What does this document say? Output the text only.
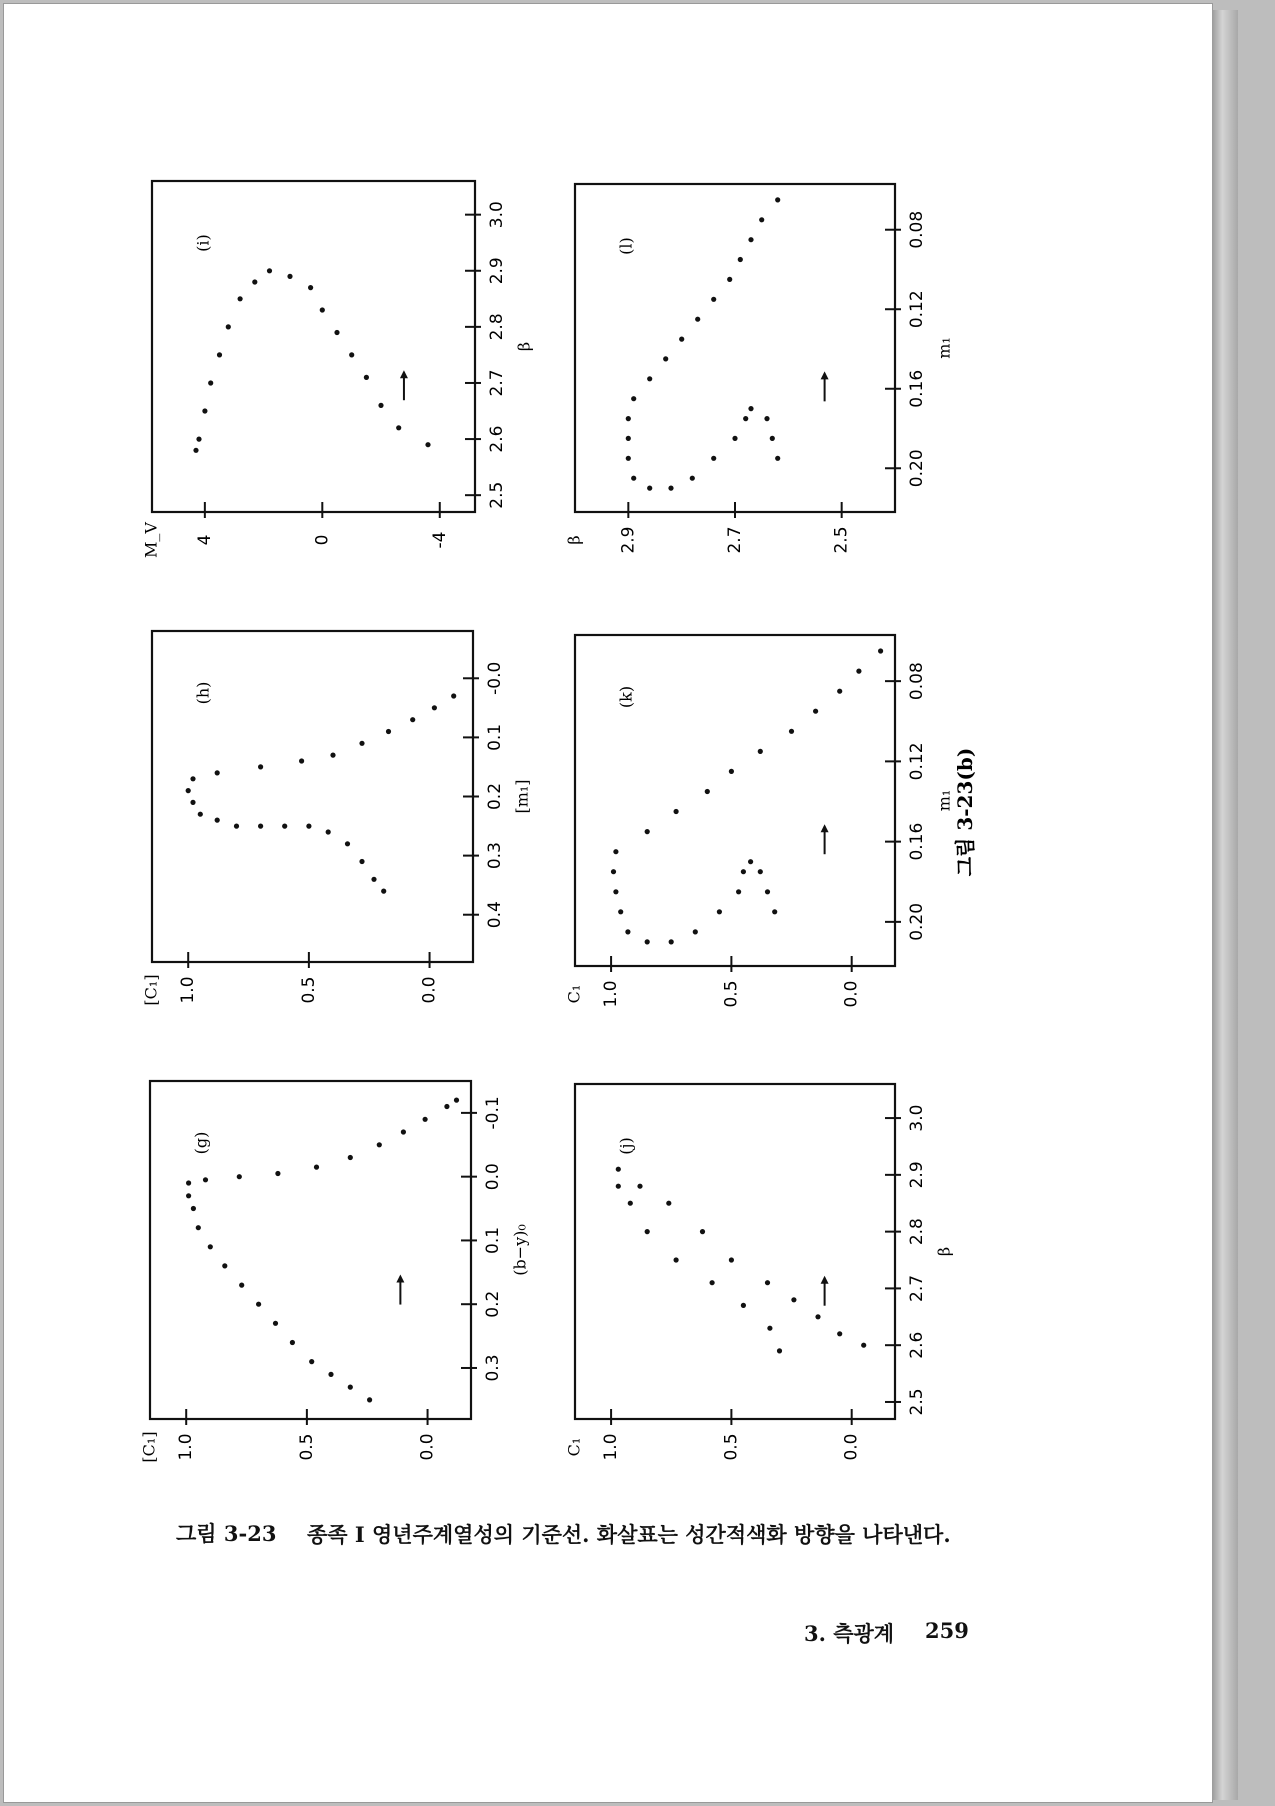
3.0
2.9
2.8
2.7
2.6
2.5
β
-4
0
4
M_V
(i)
-0.0
0.1
0.2
0.3
0.4
[m₁]
1.0	0.5	0.0
[C₁]
(h)
-0.1
0.0
0.1
0.2
0.3
(b−y)₀
1.0	0.5	0.0
[C₁]
(g)
0.08
0.12
0.16
0.20
m₁
2.9	2.7	2.5
β
(l)
0.08
0.12
0.16
0.20
m₁
1.0	0.5	0.0
C₁
(k)
3.0
2.9
2.8
2.7
2.6
2.5
β
1.0	0.5	0.0
C₁
(j)
그림 3-23(b)
그림 3-23 종족 I 영년주계열성의 기준선. 화살표는 성간적색화 방향을 나타낸다.
3. 측광계 259
